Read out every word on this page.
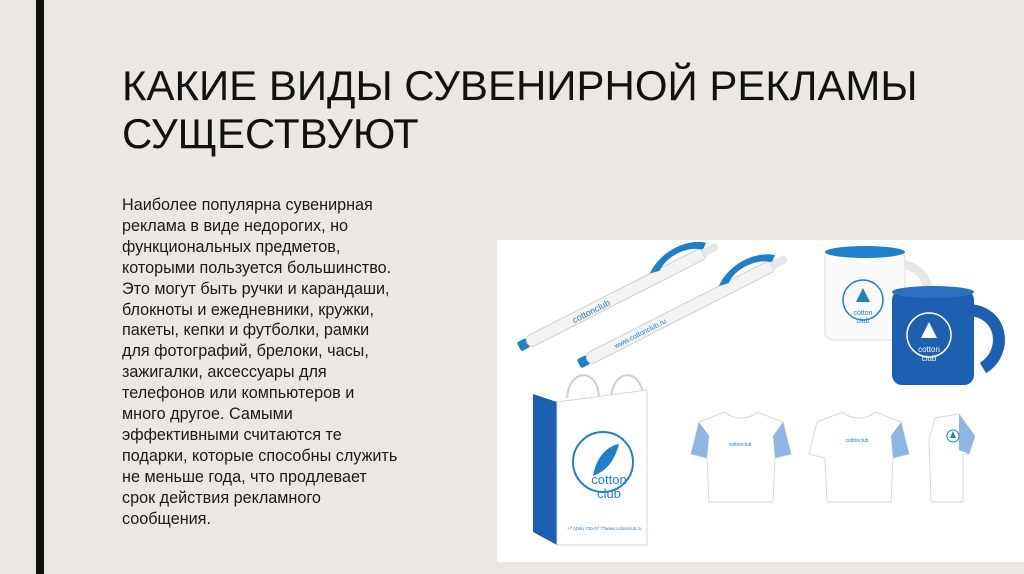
КАКИЕ ВИДЫ СУВЕНИРНОЙ РЕКЛАМЫ СУЩЕСТВУЮТ

Наиболее популярна сувенирная
реклама в виде недорогих, но
функциональных предметов,
которыми пользуется большинство.
Это могут быть ручки и карандаши,
блокноты и ежедневники, кружки,
пакеты, кепки и футболки, рамки
для фотографий, брелоки, часы,
зажигалки, аксессуары для
телефонов или компьютеров и
много другое. Самыми
эффективными считаются те
подарки, которые способны служить
не меньше года, что продлевает
срок действия рекламного
сообщения.

cottonclub
www.cottonclub.ru
cotton
club
cotton
club
cotton
club
+7 (495) 730-07 77 www.cottonclub.ru
cottonclub
cottonclub
